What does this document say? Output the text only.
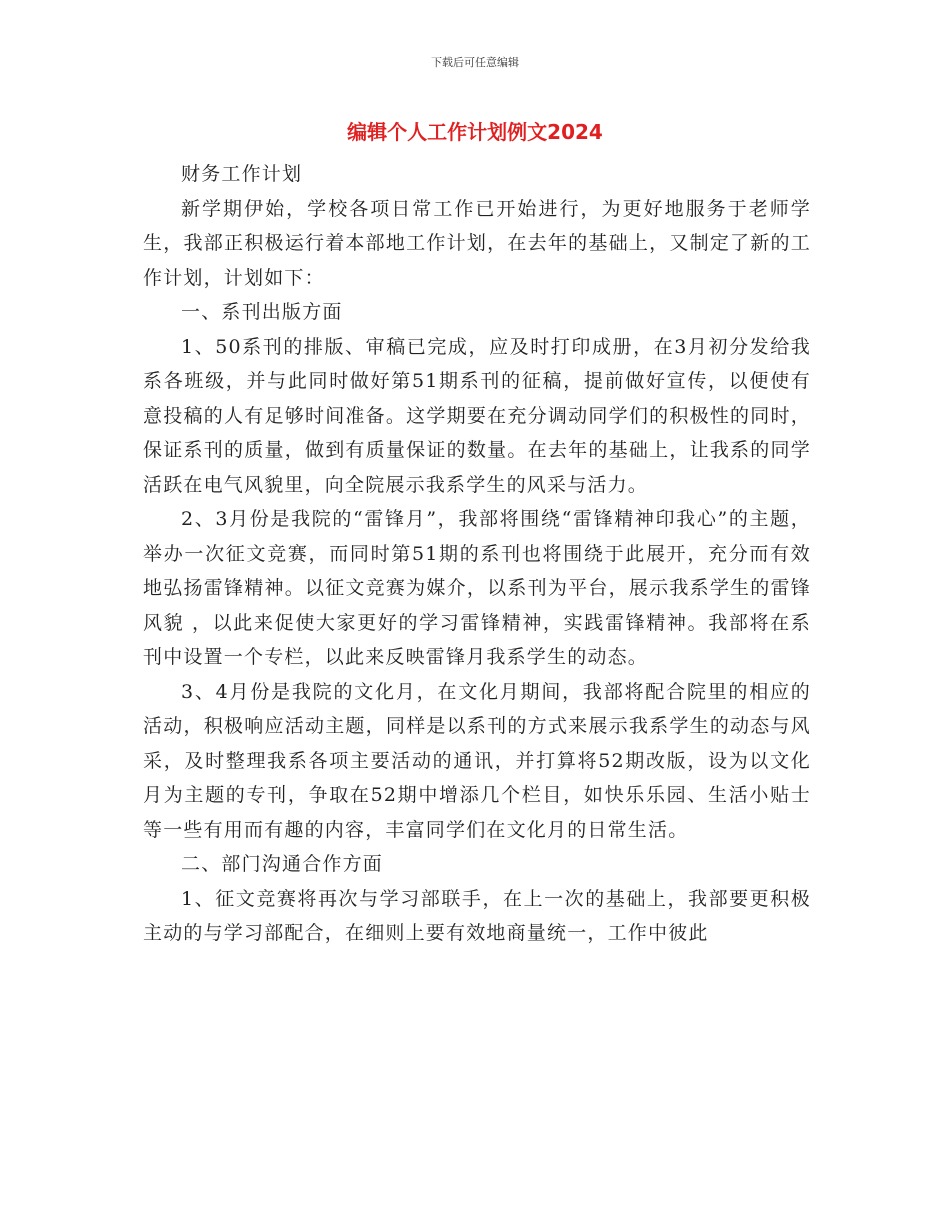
下载后可任意编辑
编辑个人工作计划例文2024

财务工作计划

新学期伊始，学校各项日常工作已开始进行，为更好地服务于老师学生，我部正积极运行着本部地工作计划，在去年的基础上，又制定了新的工作计划，计划如下：

一、系刊出版方面

1、50系刊的排版、审稿已完成，应及时打印成册，在3月初分发给我系各班级，并与此同时做好第51期系刊的征稿，提前做好宣传，以便使有意投稿的人有足够时间准备。这学期要在充分调动同学们的积极性的同时，保证系刊的质量，做到有质量保证的数量。在去年的基础上，让我系的同学活跃在电气风貌里，向全院展示我系学生的风采与活力。

2、3月份是我院的“雷锋月”，我部将围绕“雷锋精神印我心”的主题，举办一次征文竞赛，而同时第51期的系刊也将围绕于此展开，充分而有效地弘扬雷锋精神。以征文竞赛为媒介，以系刊为平台，展示我系学生的雷锋风貌 ，以此来促使大家更好的学习雷锋精神，实践雷锋精神。我部将在系刊中设置一个专栏，以此来反映雷锋月我系学生的动态。

3、4月份是我院的文化月，在文化月期间，我部将配合院里的相应的活动，积极响应活动主题，同样是以系刊的方式来展示我系学生的动态与风采，及时整理我系各项主要活动的通讯，并打算将52期改版，设为以文化月为主题的专刊，争取在52期中增添几个栏目，如快乐乐园、生活小贴士等一些有用而有趣的内容，丰富同学们在文化月的日常生活。

二、部门沟通合作方面

1、征文竞赛将再次与学习部联手，在上一次的基础上，我部要更积极主动的与学习部配合，在细则上要有效地商量统一，工作中彼此
